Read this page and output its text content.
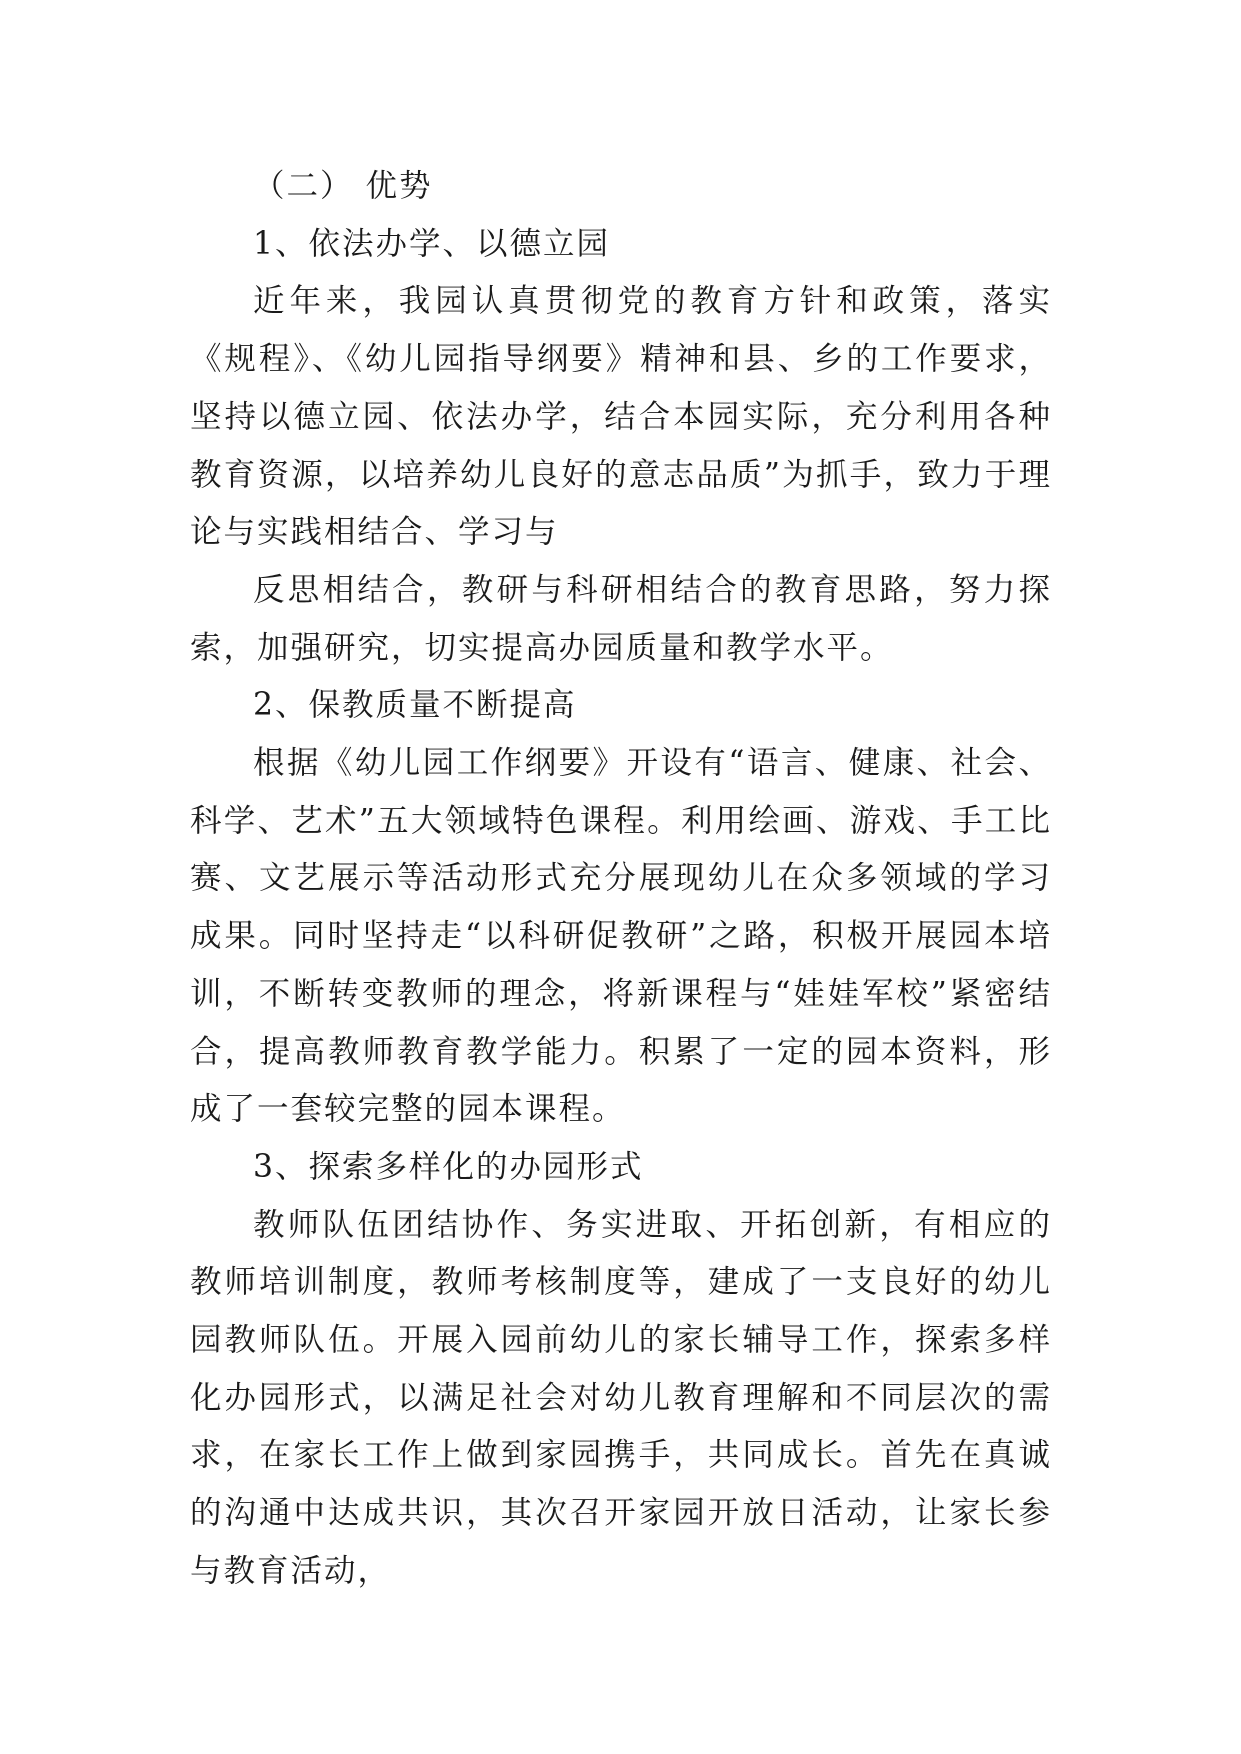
（二） 优势

1、依法办学、以德立园

近年来，我园认真贯彻党的教育方针和政策，落实《规程》、《幼儿园指导纲要》精神和县、乡的工作要求，坚持以德立园、依法办学，结合本园实际，充分利用各种教育资源，以培养幼儿良好的意志品质”为抓手，致力于理论与实践相结合、学习与

反思相结合，教研与科研相结合的教育思路，努力探索，加强研究，切实提高办园质量和教学水平。

2、保教质量不断提高

根据《幼儿园工作纲要》开设有“语言、健康、社会、科学、艺术”五大领域特色课程。利用绘画、游戏、手工比赛、文艺展示等活动形式充分展现幼儿在众多领域的学习成果。同时坚持走“以科研促教研”之路，积极开展园本培训，不断转变教师的理念，将新课程与“娃娃军校”紧密结合，提高教师教育教学能力。积累了一定的园本资料，形成了一套较完整的园本课程。

3、探索多样化的办园形式

教师队伍团结协作、务实进取、开拓创新，有相应的教师培训制度，教师考核制度等，建成了一支良好的幼儿园教师队伍。开展入园前幼儿的家长辅导工作，探索多样化办园形式，以满足社会对幼儿教育理解和不同层次的需求，在家长工作上做到家园携手，共同成长。首先在真诚的沟通中达成共识，其次召开家园开放日活动，让家长参与教育活动，
